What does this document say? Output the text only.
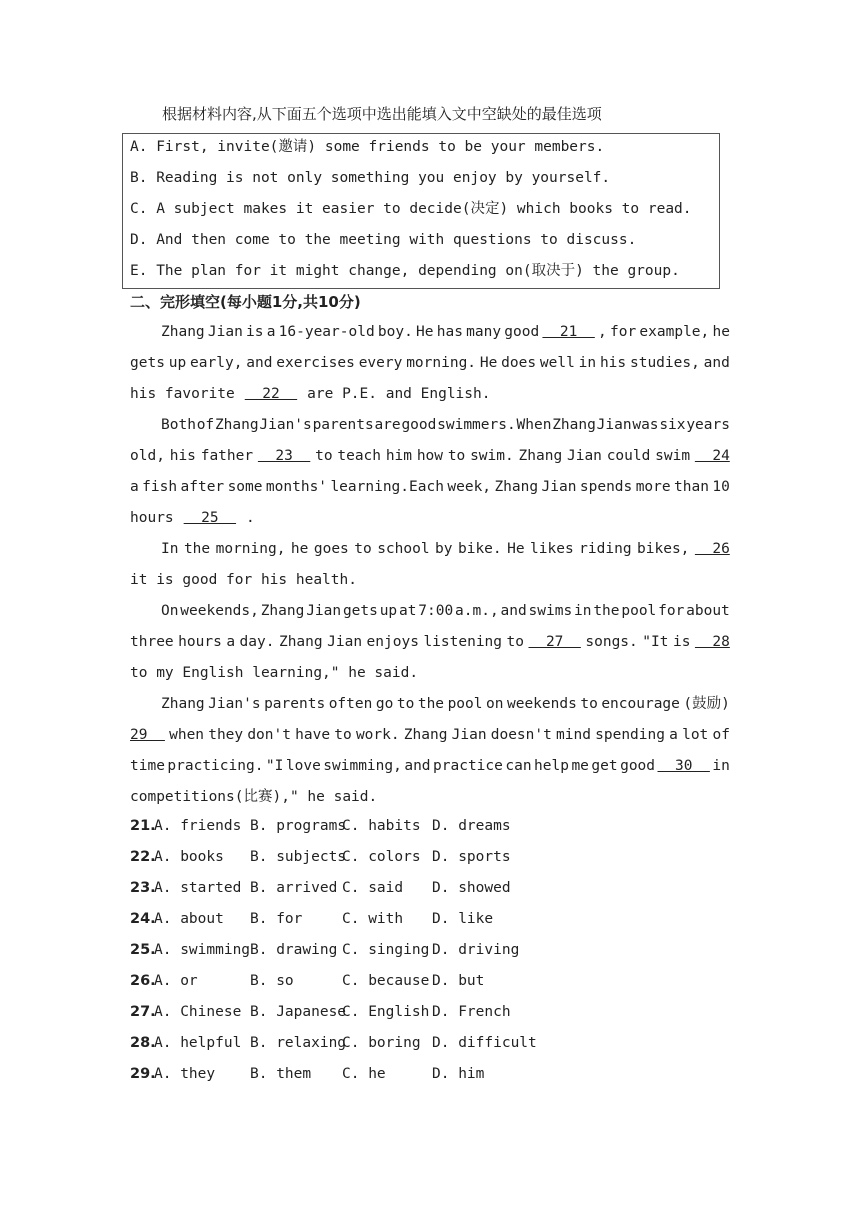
根据材料内容,从下面五个选项中选出能填入文中空缺处的最佳选项
A. First, invite(邀请) some friends to be your members.
B. Reading is not only something you enjoy by yourself.
C. A subject makes it easier to decide(决定) which books to read.
D. And then come to the meeting with questions to discuss.
E. The plan for it might change, depending on(取决于) the group.
二、完形填空(每小题1分,共10分)
Zhang Jian is a 16-year-old boy. He has many good 21 , for example, he
gets up early, and exercises every morning. He does well in his studies, and
his favorite 22 are P.E. and English.
Both of Zhang Jian's parents are good swimmers. When Zhang Jian was six years
old, his father 23 to teach him how to swim. Zhang Jian could swim 24
a fish after some months' learning.Each week, Zhang Jian spends more than 10
hours 25 .
In the morning, he goes to school by bike. He likes riding bikes, 26
it is good for his health.
On weekends, Zhang Jian gets up at 7:00 a.m., and swims in the pool for about
three hours a day. Zhang Jian enjoys listening to 27 songs. "It is 28
to my English learning," he said.
Zhang Jian's parents often go to the pool on weekends to encourage (鼓励)
29 when they don't have to work. Zhang Jian doesn't mind spending a lot of
time practicing. "I love swimming, and practice can help me get good 30 in
competitions(比赛)," he said.
21.
A. friends B. programs
C. habits D. dreams
22.
A. books B. subjects
C. colors D. sports
23.
A. started B. arrived C. said D. showed
24.
A. about B. for	C. with D. like
25.
A. swimming B. drawing C. singing D. driving
26.
A. or	B. so	C. because D. but
27.
A. Chinese B. Japanese
C. English D. French
28.
A. helpful B. relaxing
C. boring D. difficult
29.
A. they B. them C. he	D. him
